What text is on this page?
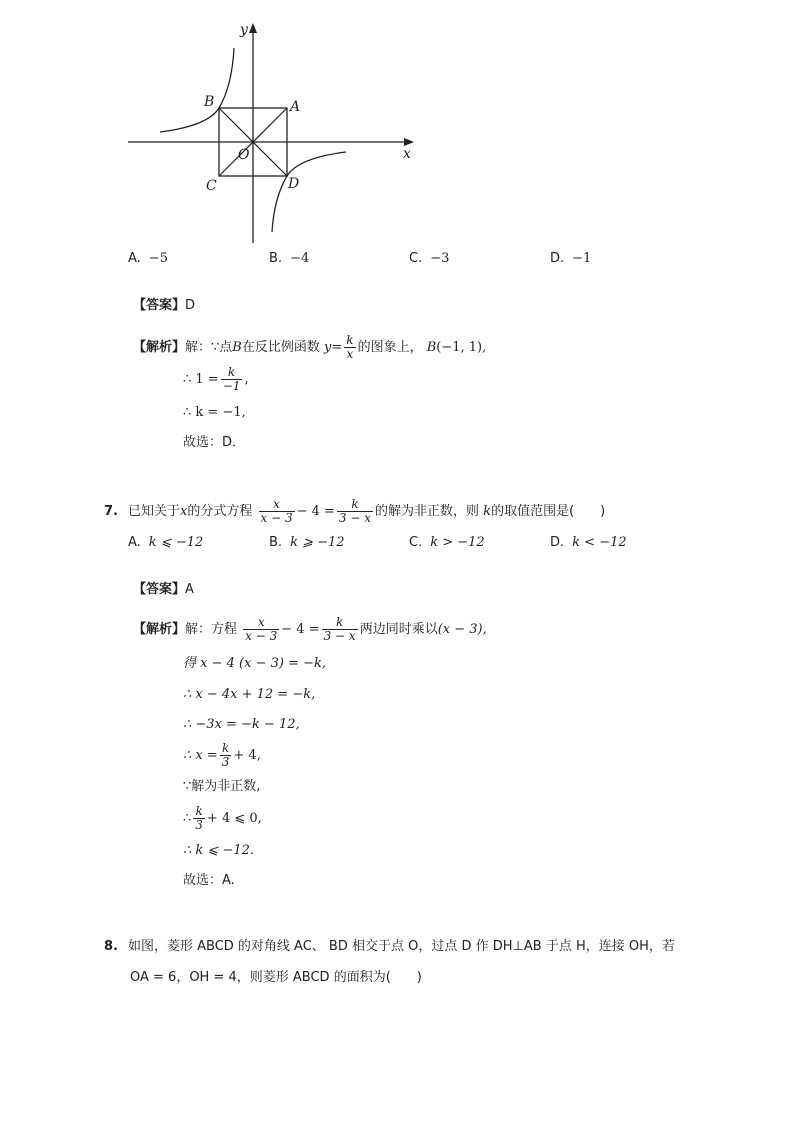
y
x
A
B
C	D
O
A. −5	B. −4	C. −3	D. −1
【答案】D
【解析】解：∵点B在反比例函数 $y= \frac{k}{x}$ 的图象上， B(−1, 1),
∴ $1 = \frac{k}{-1}$ ,
∴ k = −1,
故选：D．
7. 已知关于x的分式方程 $\frac{x}{x - 3} - 4 = \frac{k}{3 - x}$ 的解为非正数，则 k的取值范围是(　　)
A. k ⩽ −12	B. k ⩾ −12	C. k > −12	D. k < −12
【答案】A
【解析】解：方程 $\frac{x}{x - 3} - 4 = \frac{k}{3 - x}$ 两边同时乘以(x − 3),
得 x − 4 (x − 3) = −k,
∴ x − 4x + 12 = −k,
∴ −3x = −k − 12,
∴ $x = \frac{k}{3} + 4$,
∵解为非正数,
∴ $\frac{k}{3} + 4$ ⩽ 0,
∴ k ⩽ −12.
故选：A.
8. 如图，菱形 ABCD 的对角线 AC、 BD 相交于点 O，过点 D 作 DH⊥AB 于点 H，连接 OH，若
OA = 6，OH = 4，则菱形 ABCD 的面积为(　　)
